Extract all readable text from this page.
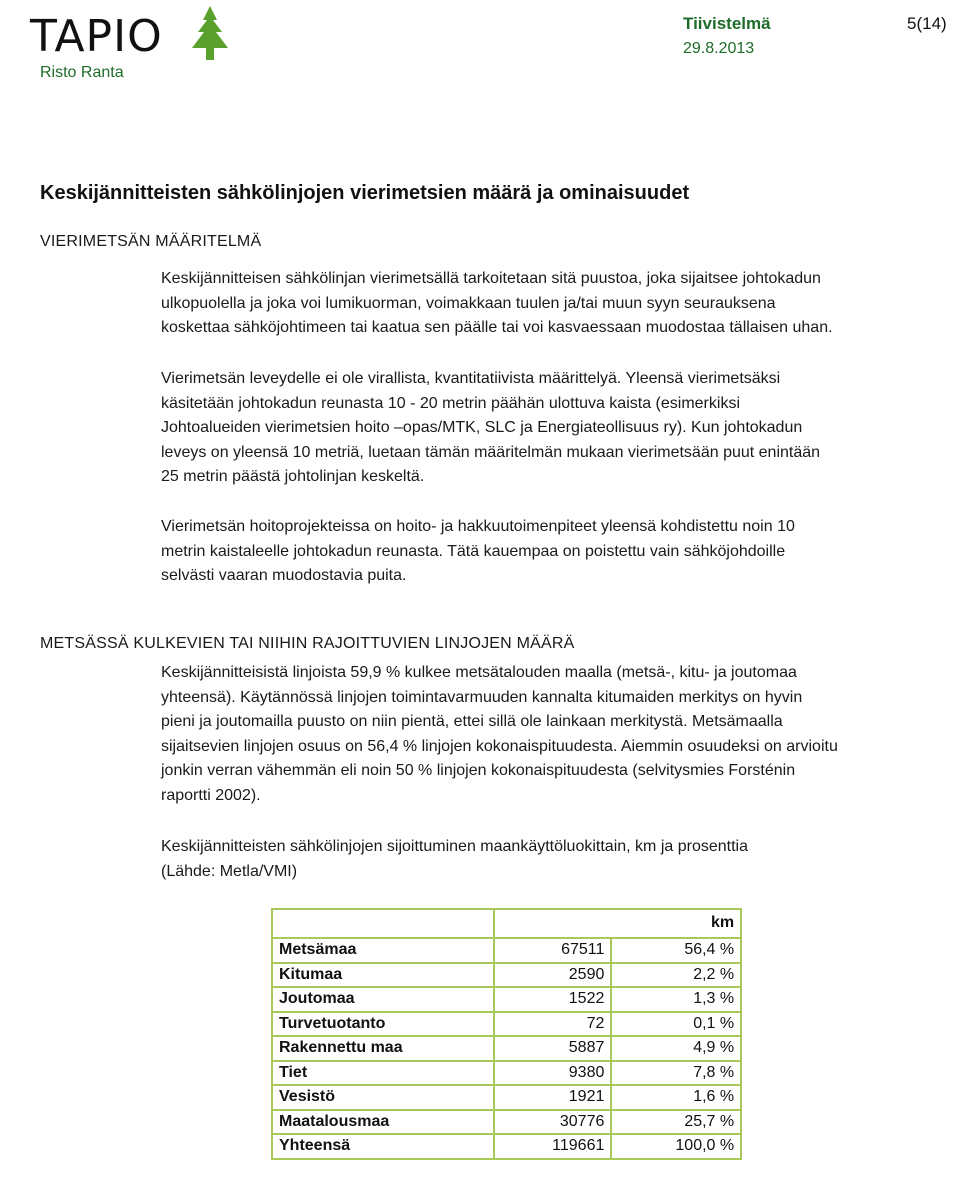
TAPIO
Risto Ranta
Tiivistelmä
29.8.2013
5(14)
Keskijännitteisten sähkölinjojen vierimetsien määrä ja ominaisuudet
VIERIMETSÄN MÄÄRITELMÄ
Keskijännitteisen sähkölinjan vierimetsällä tarkoitetaan sitä puustoa, joka sijaitsee johtokadun
ulkopuolella ja joka voi lumikuorman, voimakkaan tuulen ja/tai muun syyn seurauksena
koskettaa sähköjohtimeen tai kaatua sen päälle tai voi kasvaessaan muodostaa tällaisen uhan.
Vierimetsän leveydelle ei ole virallista, kvantitatiivista määrittelyä. Yleensä vierimetsäksi
käsitetään johtokadun reunasta 10 - 20 metrin päähän ulottuva kaista (esimerkiksi
Johtoalueiden vierimetsien hoito –opas/MTK, SLC ja Energiateollisuus ry). Kun johtokadun
leveys on yleensä 10 metriä, luetaan tämän määritelmän mukaan vierimetsään puut enintään
25 metrin päästä johtolinjan keskeltä.
Vierimetsän hoitoprojekteissa on hoito- ja hakkuutoimenpiteet yleensä kohdistettu noin 10
metrin kaistaleelle johtokadun reunasta. Tätä kauempaa on poistettu vain sähköjohdoille
selvästi vaaran muodostavia puita.
METSÄSSÄ KULKEVIEN TAI NIIHIN RAJOITTUVIEN LINJOJEN MÄÄRÄ
Keskijännitteisistä linjoista 59,9 % kulkee metsätalouden maalla (metsä-, kitu- ja joutomaa
yhteensä). Käytännössä linjojen toimintavarmuuden kannalta kitumaiden merkitys on hyvin
pieni ja joutomailla puusto on niin pientä, ettei sillä ole lainkaan merkitystä. Metsämaalla
sijaitsevien linjojen osuus on 56,4 % linjojen kokonaispituudesta. Aiemmin osuudeksi on arvioitu
jonkin verran vähemmän eli noin 50 % linjojen kokonaispituudesta (selvitysmies Forsténin
raportti 2002).
Keskijännitteisten sähkölinjojen sijoittuminen maankäyttöluokittain, km ja prosenttia
(Lähde: Metla/VMI)
	km	
Metsämaa	67511	56,4 %
Kitumaa	2590	2,2 %
Joutomaa	1522	1,3 %
Turvetuotanto	72	0,1 %
Rakennettu maa	5887	4,9 %
Tiet	9380	7,8 %
Vesistö	1921	1,6 %
Maatalousmaa	30776	25,7 %
Yhteensä	119661	100,0 %
